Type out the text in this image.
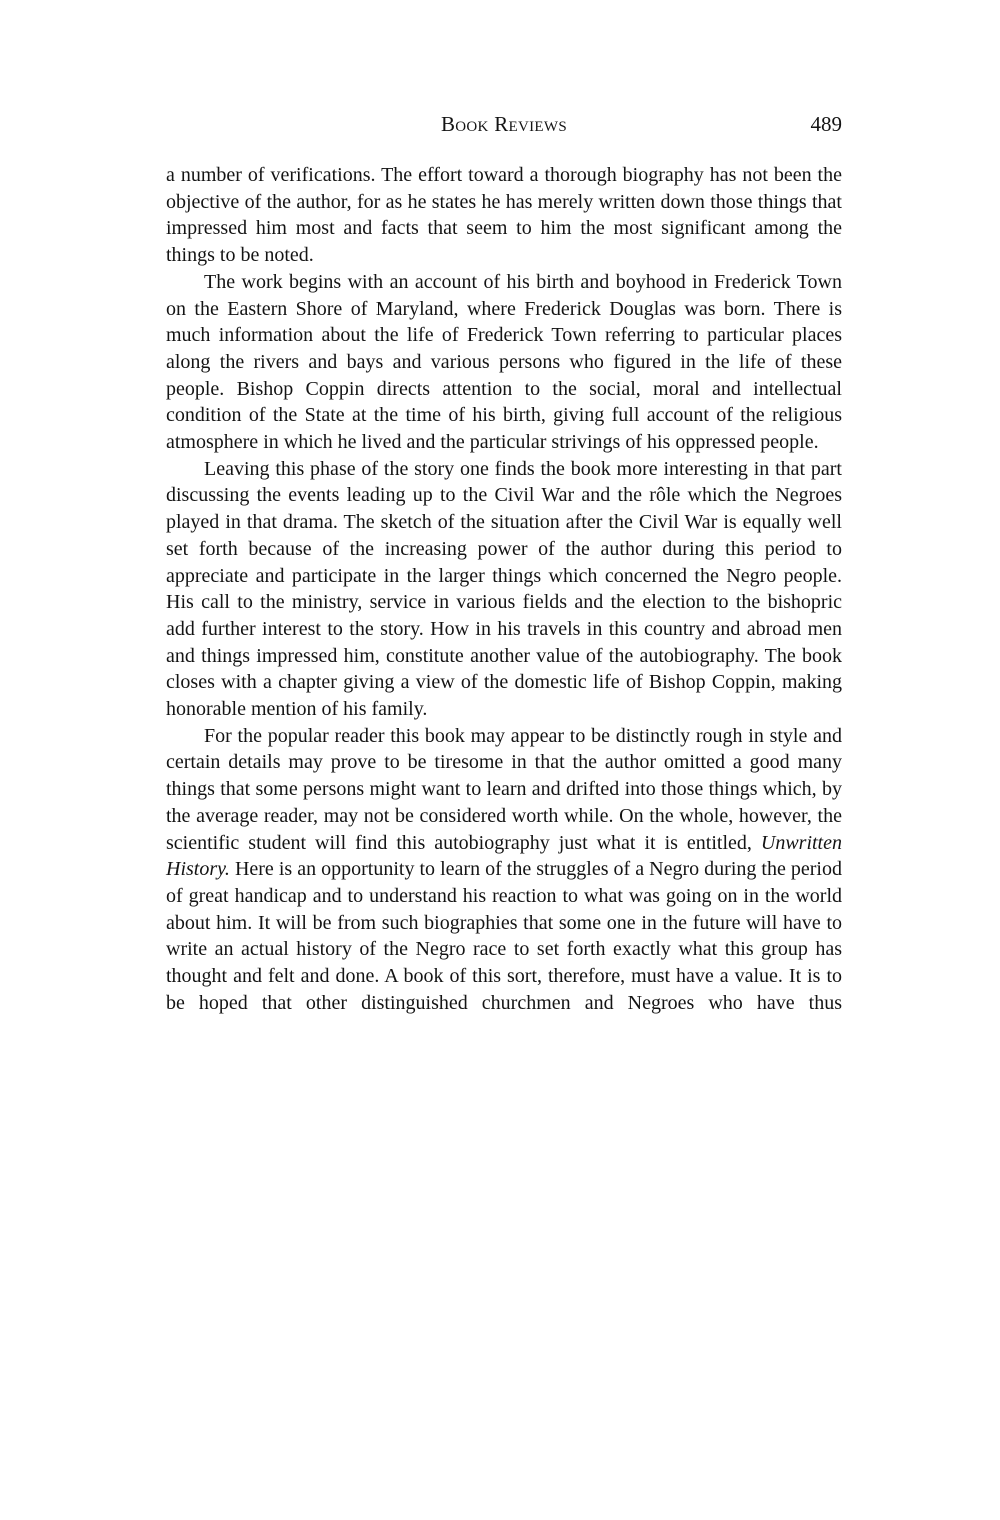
Book Reviews	489

a number of verifications. The effort toward a thorough biography has not been the objective of the author, for as he states he has merely written down those things that impressed him most and facts that seem to him the most significant among the things to be noted.

The work begins with an account of his birth and boyhood in Frederick Town on the Eastern Shore of Maryland, where Frederick Douglas was born. There is much information about the life of Frederick Town referring to particular places along the rivers and bays and various persons who figured in the life of these people. Bishop Coppin directs attention to the social, moral and intellectual condition of the State at the time of his birth, giving full account of the religious atmosphere in which he lived and the particular strivings of his oppressed people.

Leaving this phase of the story one finds the book more interesting in that part discussing the events leading up to the Civil War and the rôle which the Negroes played in that drama. The sketch of the situation after the Civil War is equally well set forth because of the increasing power of the author during this period to appreciate and participate in the larger things which concerned the Negro people. His call to the ministry, service in various fields and the election to the bishopric add further interest to the story. How in his travels in this country and abroad men and things impressed him, constitute another value of the autobiography. The book closes with a chapter giving a view of the domestic life of Bishop Coppin, making honorable mention of his family.

For the popular reader this book may appear to be distinctly rough in style and certain details may prove to be tiresome in that the author omitted a good many things that some persons might want to learn and drifted into those things which, by the average reader, may not be considered worth while. On the whole, however, the scientific student will find this autobiography just what it is entitled, Unwritten History. Here is an opportunity to learn of the struggles of a Negro during the period of great handicap and to understand his reaction to what was going on in the world about him. It will be from such biographies that some one in the future will have to write an actual history of the Negro race to set forth exactly what this group has thought and felt and done. A book of this sort, therefore, must have a value. It is to be hoped that other distinguished churchmen and Negroes who have thus
